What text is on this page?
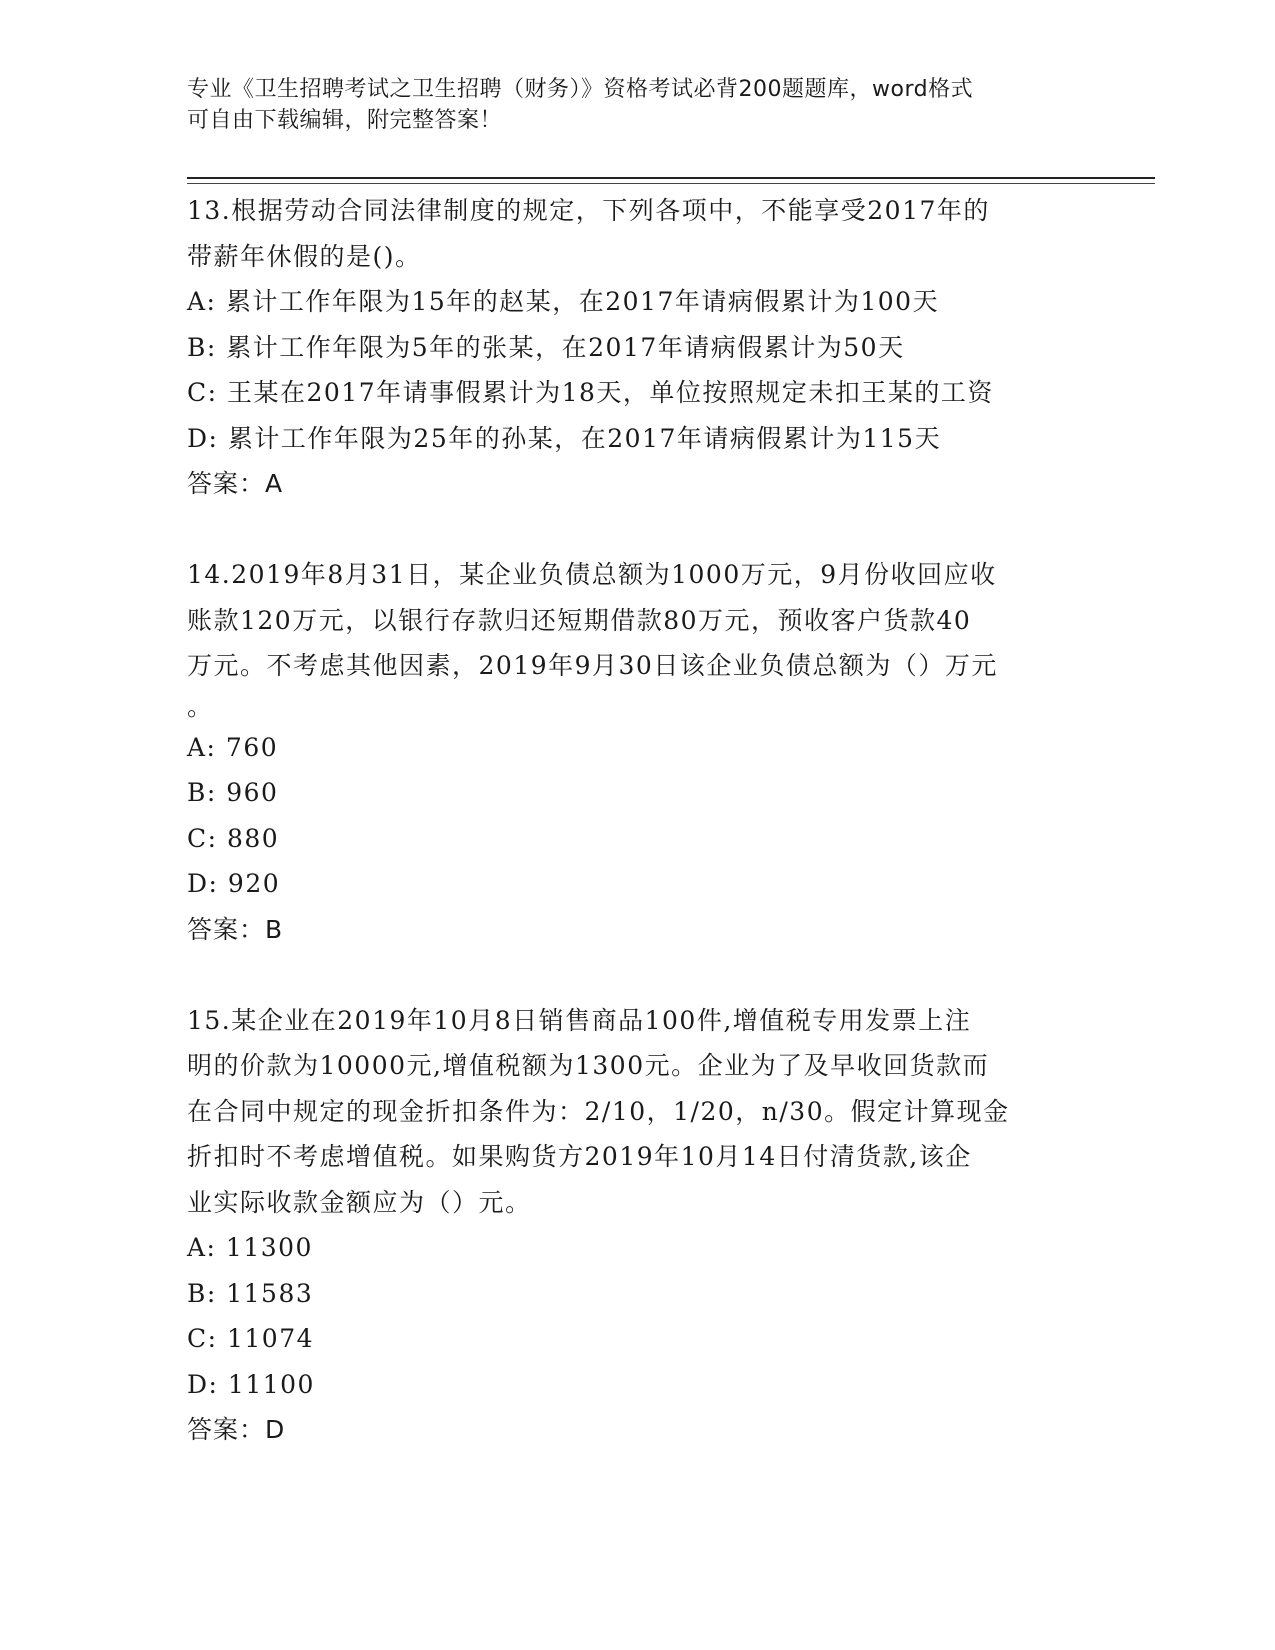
专业《卫生招聘考试之卫生招聘（财务）》资格考试必背200题题库，word格式

可自由下载编辑，附完整答案！

13.根据劳动合同法律制度的规定，下列各项中，不能享受2017年的

带薪年休假的是()。

A: 累计工作年限为15年的赵某，在2017年请病假累计为100天

B: 累计工作年限为5年的张某，在2017年请病假累计为50天

C: 王某在2017年请事假累计为18天，单位按照规定未扣王某的工资

D: 累计工作年限为25年的孙某，在2017年请病假累计为115天

答案：A

14.2019年8月31日，某企业负债总额为1000万元，9月份收回应收

账款120万元，以银行存款归还短期借款80万元，预收客户货款40

万元。不考虑其他因素，2019年9月30日该企业负债总额为（）万元

。

A: 760

B: 960

C: 880

D: 920

答案：B

15.某企业在2019年10月8日销售商品100件,增值税专用发票上注

明的价款为10000元,增值税额为1300元。企业为了及早收回货款而

在合同中规定的现金折扣条件为：2/10，1/20，n/30。假定计算现金

折扣时不考虑增值税。如果购货方2019年10月14日付清货款,该企

业实际收款金额应为（）元。

A: 11300

B: 11583

C: 11074

D: 11100

答案：D
